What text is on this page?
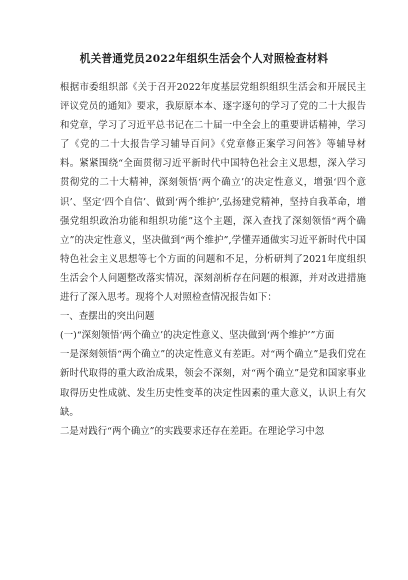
机关普通党员2022年组织生活会个人对照检查材料

根据市委组织部《关于召开2022年度基层党组织组织生活会和开展民主评议党员的通知》要求，我原原本本、逐字逐句的学习了党的二十大报告和党章，学习了习近平总书记在二十届一中全会上的重要讲话精神，学习了《党的二十大报告学习辅导百问》《党章修正案学习问答》等辅导材料。紧紧围绕“全面贯彻习近平新时代中国特色社会主义思想，深入学习贯彻党的二十大精神，深刻领悟‘两个确立’的决定性意义，增强‘四个意识’、坚定‘四个自信’、做到‘两个维护’,弘扬建党精神，坚持自我革命，增强党组织政治功能和组织功能”这个主题，深入查找了深刻领悟“两个确立”的决定性意义，坚决做到“两个维护”,学懂弄通做实习近平新时代中国特色社会主义思想等七个方面的问题和不足，分析研判了2021年度组织生活会个人问题整改落实情况，深刻剖析存在问题的根源，并对改进措施进行了深入思考。现将个人对照检查情况报告如下：

一、查摆出的突出问题

(一)“深刻领悟‘两个确立’的决定性意义、坚决做到‘两个维护’”方面

一是深刻领悟“两个确立”的决定性意义有差距。对“两个确立”是我们党在新时代取得的重大政治成果，领会不深刻，对“两个确立”是党和国家事业取得历史性成就、发生历史性变革的决定性因素的重大意义，认识上有欠缺。

二是对践行“两个确立”的实践要求还存在差距。在理论学习中忽
